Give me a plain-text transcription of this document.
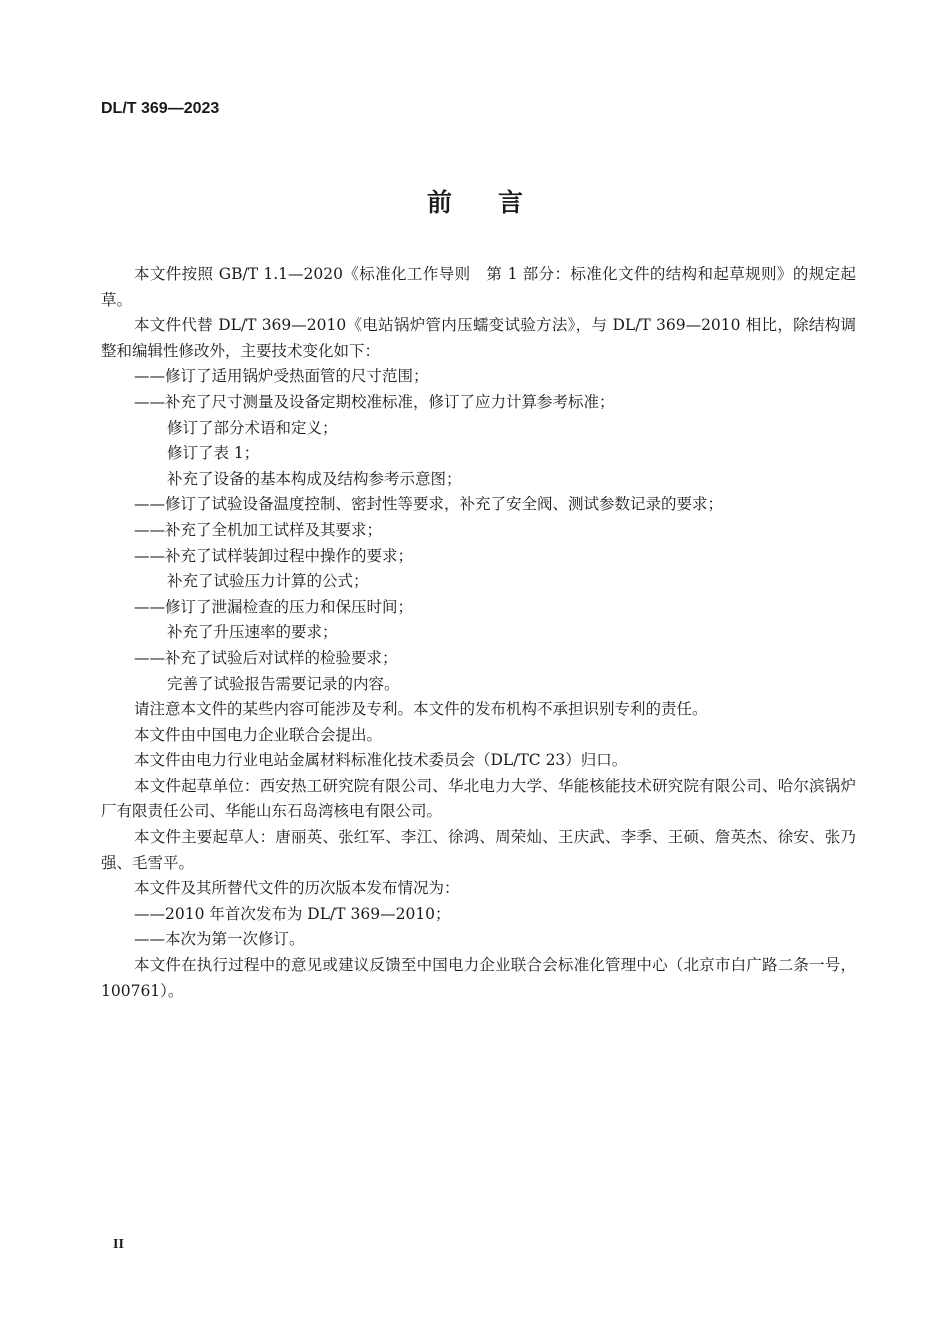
DL/T 369—2023
前言

本文件按照 GB/T 1.1—2020《标准化工作导则　第 1 部分：标准化文件的结构和起草规则》的规定起草。

本文件代替 DL/T 369—2010《电站锅炉管内压蠕变试验方法》，与 DL/T 369—2010 相比，除结构调整和编辑性修改外，主要技术变化如下：

——修订了适用锅炉受热面管的尺寸范围；

——补充了尺寸测量及设备定期校准标准，修订了应力计算参考标准；

修订了部分术语和定义；

修订了表 1；

补充了设备的基本构成及结构参考示意图；

——修订了试验设备温度控制、密封性等要求，补充了安全阀、测试参数记录的要求；

——补充了全机加工试样及其要求；

——补充了试样装卸过程中操作的要求；

补充了试验压力计算的公式；

——修订了泄漏检查的压力和保压时间；

补充了升压速率的要求；

——补充了试验后对试样的检验要求；

完善了试验报告需要记录的内容。

请注意本文件的某些内容可能涉及专利。本文件的发布机构不承担识别专利的责任。

本文件由中国电力企业联合会提出。

本文件由电力行业电站金属材料标准化技术委员会（DL/TC 23）归口。

本文件起草单位：西安热工研究院有限公司、华北电力大学、华能核能技术研究院有限公司、哈尔滨锅炉厂有限责任公司、华能山东石岛湾核电有限公司。

本文件主要起草人：唐丽英、张红军、李江、徐鸿、周荣灿、王庆武、李季、王硕、詹英杰、徐安、张乃强、毛雪平。

本文件及其所替代文件的历次版本发布情况为：

——2010 年首次发布为 DL/T 369—2010；

——本次为第一次修订。

本文件在执行过程中的意见或建议反馈至中国电力企业联合会标准化管理中心（北京市白广路二条一号，100761）。

II
